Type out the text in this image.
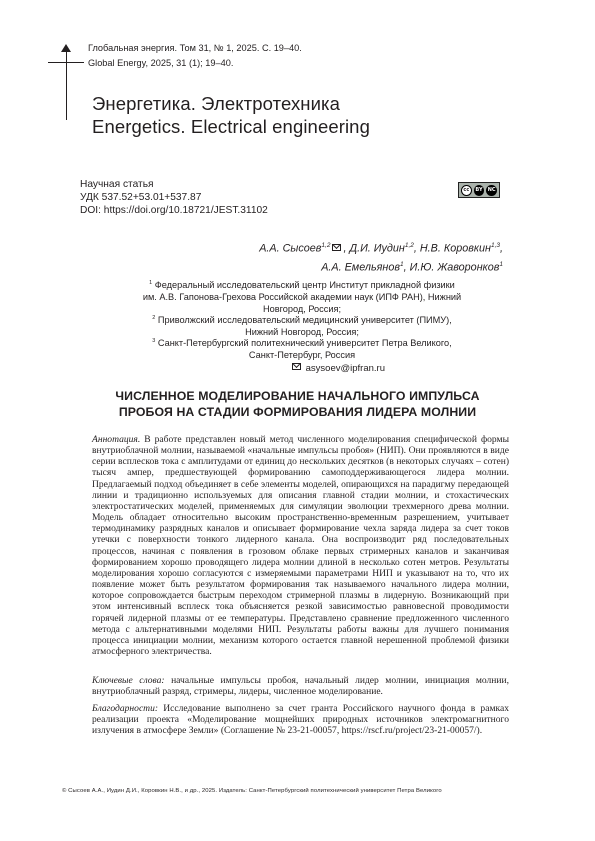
Глобальная энергия. Том 31, № 1, 2025. С. 19–40.
Global Energy, 2025, 31 (1); 19–40.
Энергетика. Электротехника
Energetics. Electrical engineering
Научная статья
УДК 537.52+53.01+537.87
DOI: https://doi.org/10.18721/JEST.31102
cc	BY	NC
А.А. Сысоев$^{1,2}$ , Д.И. Иудин$^{1,2}$, Н.В. Коровкин$^{1,3}$,
А.А. Емельянов$^1$, И.Ю. Жаворонков$^1$
$^1$ Федеральный исследовательский центр Институт прикладной физики им. А.В. Гапонова-Грехова Российской академии наук (ИПФ РАН), Нижний Новгород, Россия;
$^2$ Приволжский исследовательский медицинский университет (ПИМУ), Нижний Новгород, Россия;
$^3$ Санкт-Петербургский политехнический университет Петра Великого, Санкт-Петербург, Россия
asysoev@ipfran.ru
ЧИСЛЕННОЕ МОДЕЛИРОВАНИЕ НАЧАЛЬНОГО ИМПУЛЬСА
ПРОБОЯ НА СТАДИИ ФОРМИРОВАНИЯ ЛИДЕРА МОЛНИИ
Аннотация. В работе представлен новый метод численного моделирования специфической формы внутриоблачной молнии, называемой «начальные импульсы пробоя» (НИП). Они проявляются в виде серии всплесков тока с амплитудами от единиц до нескольких десятков (в некоторых случаях – сотен) тысяч ампер, предшествующей формированию самоподдерживающегося лидера молнии. Предлагаемый подход объединяет в себе элементы моделей, опирающихся на парадигму передающей линии и традиционно используемых для описания главной стадии молнии, и стохастических электростатических моделей, применяемых для симуляции эволюции трехмерного древа молнии. Модель обладает относительно высоким пространственно-временным разрешением, учитывает термодинамику разрядных каналов и описывает формирование чехла заряда лидера за счет токов утечки с поверхности тонкого лидерного канала. Она воспроизводит ряд последовательных процессов, начиная с появления в грозовом облаке первых стримерных каналов и заканчивая формированием хорошо проводящего лидера молнии длиной в несколько сотен метров. Результаты моделирования хорошо согласуются с измеряемыми параметрами НИП и указывают на то, что их появление может быть результатом формирования так называемого начального лидера молнии, которое сопровождается быстрым переходом стримерной плазмы в лидерную. Возникающий при этом интенсивный всплеск тока объясняется резкой зависимостью равновесной проводимости горячей лидерной плазмы от ее температуры. Представлено сравнение предложенного численного метода с альтернативными моделями НИП. Результаты работы важны для лучшего понимания процесса инициации молнии, механизм которого остается главной нерешенной проблемой физики атмосферного электричества.
Ключевые слова: начальные импульсы пробоя, начальный лидер молнии, инициация молнии, внутриоблачный разряд, стримеры, лидеры, численное моделирование.
Благодарности: Исследование выполнено за счет гранта Российского научного фонда в рамках реализации проекта «Моделирование мощнейших природных источников электромагнитного излучения в атмосфере Земли» (Соглашение № 23-21-00057, https://rscf.ru/project/23-21-00057/).
© Сысоев А.А., Иудин Д.И., Коровкин Н.В., и др., 2025. Издатель: Санкт-Петербургский политехнический университет Петра Великого
